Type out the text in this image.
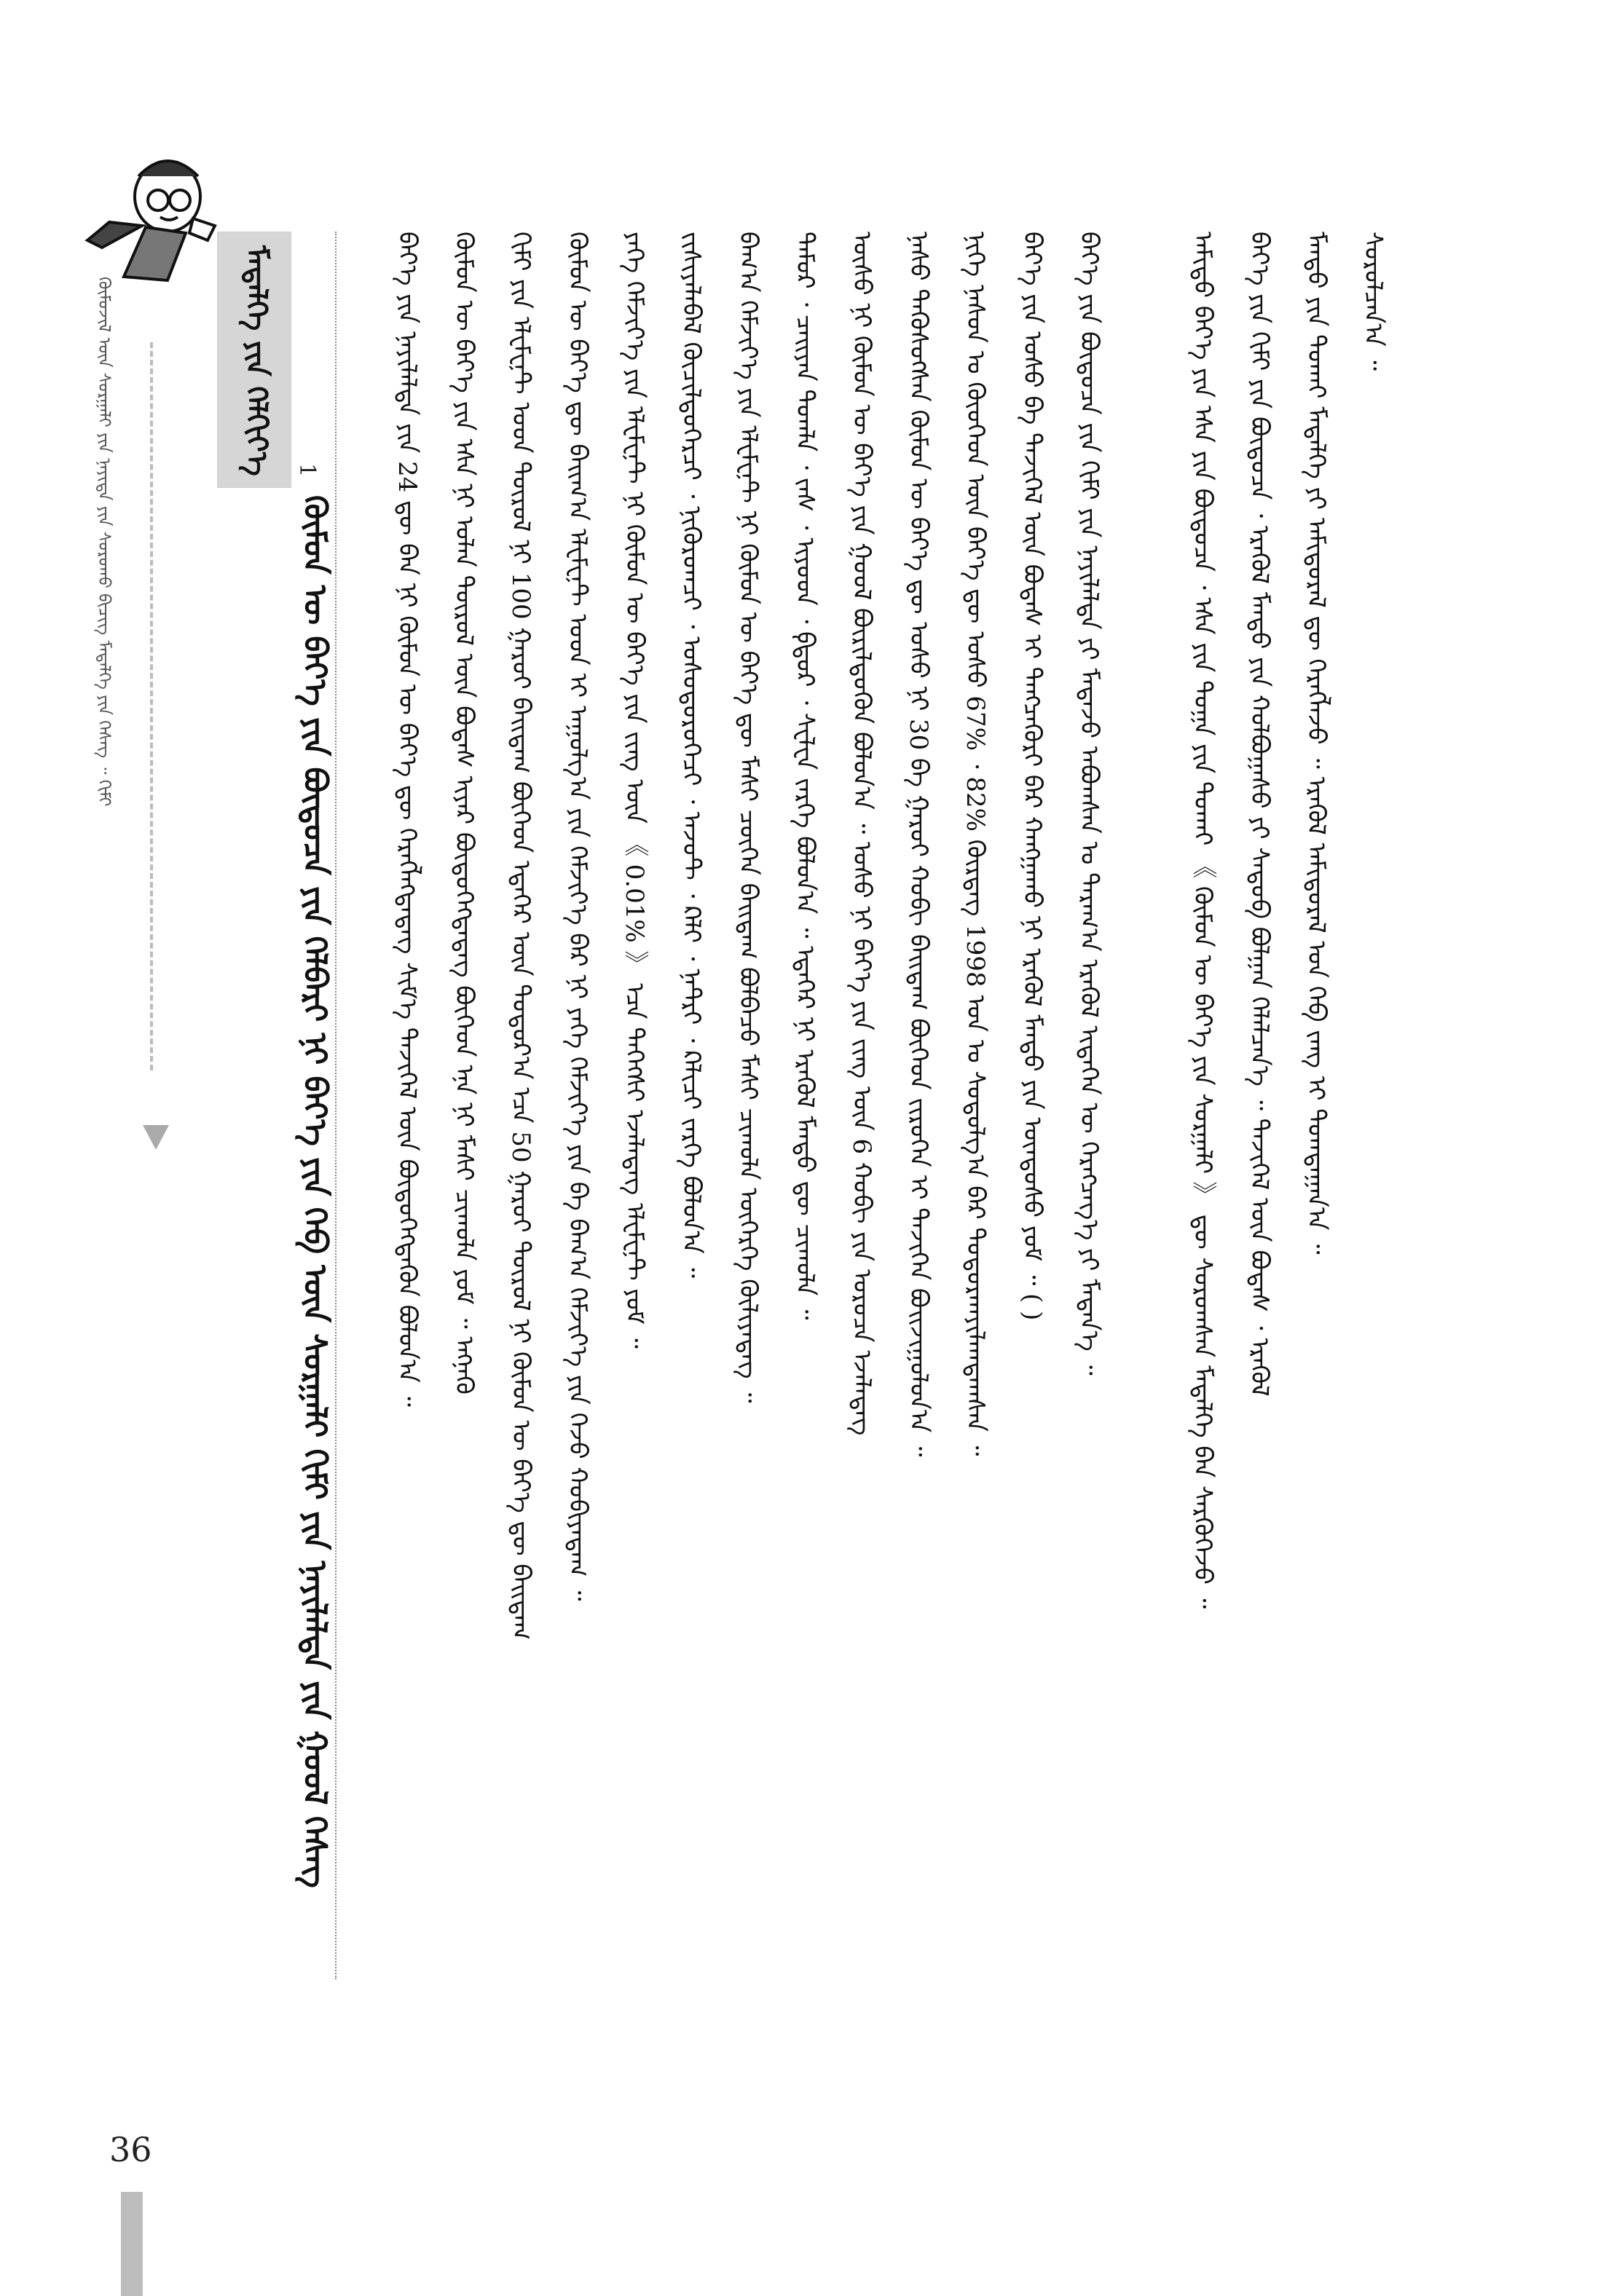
ᠬᠥᠮᠦᠵᠢᠯ ᠦᠨ ᠰᠤᠷᠭᠠᠯᠢ ᠶᠢᠨ ᠨᠡᠶᠢᠲᠡ ᠶᠢᠨ ᠰᠤᠷᠤᠬᠤ ᠪᠢᠴᠢᠭ ᠮᠡᠳᠡᠯᠭᠡ ᠶᠢᠨ ᠬᠡᠰᠡᠭ ᠃ ᠬᠢᠮᠢ	ᠮᠡᠳᠡᠯᠭᠡ ᠶᠢᠨ ᠬᠡᠯᠬᠢᠶ᠎ᠡ 1
ᠬᠦᠮᠦᠨ ᠦ ᠪᠡᠶ᠎ᠡ ᠶᠢᠨ ᠪᠦᠲᠦᠴᠡ ᠶᠢᠨ ᠬᠡᠯᠪᠡᠷᠢ ᠨᠢ ᠪᠡᠶ᠎ᠡ ᠶᠢᠨ ᠬᠡᠪ ᠦᠨ ᠰᠤᠷᠭᠠᠯᠢ ᠬᠢᠮᠢ ᠶᠢᠨ ᠨᠡᠶᠢᠯᠡᠯᠲᠡ ᠶᠢᠨ ᠭᠣᠣᠯ ᠬᠡᠰᠡᠭ	ᠪᠡᠶ᠎ᠡ ᠶᠢᠨ ᠨᠡᠶᠢᠯᠡᠯᠲᠡ ᠶᠢᠨ 24 ᠳᠦ ᠪᠠᠨ ᠨᠢ ᠬᠦᠮᠦᠨ ᠦ ᠪᠡᠶ᠎ᠡ ᠳᠦ ᠬᠡᠷᠡᠭᠯᠡᠭᠳᠡᠳᠡᠭ ᠰᠢᠮ᠎ᠡ ᠲᠡᠵᠢᠭᠡᠯ ᠦᠨ ᠪᠦᠲᠦᠭᠡᠭᠳᠡᠬᠦᠨ ᠪᠣᠯᠤᠨ᠎ᠠ ᠃	ᠬᠦᠮᠦᠨ ᠦ ᠪᠡᠶ᠎ᠡ ᠶᠢᠨ ᠡᠰᠡ ᠨᠢ ᠣᠯᠠᠨ ᠲᠦᠷᠦᠯ ᠦᠨ ᠪᠣᠳᠠᠰ ᠢᠶᠠᠷ ᠪᠦᠲᠦᠭᠡᠭᠳᠡᠳᠡᠭ ᠪᠥᠭᠡᠳ ᠡᠨᠡ ᠨᠢ ᠮᠠᠰᠢ ᠴᠢᠬᠤᠯᠠ ᠶᠤᠮ ᠃ ᠡᠩᠨᠡᠬᠦ	ᠬᠢᠮᠢ ᠶᠢᠨ ᠡᠯᠸᠮᠸᠨ᠋ᠲ ᠤᠳ ᠲᠥᠷᠥᠯ ᠨᠢ 100 ᠭᠠᠷᠤᠢ ᠪᠠᠢᠳᠠᠭ ᠪᠥᠭᠡᠳ ᠡᠳᠡᠭᠡᠷ ᠦᠨ ᠳᠣᠲᠣᠷ᠎ᠠ ᠡᠴᠡ 50 ᠭᠠᠷᠤᠢ ᠲᠥᠷᠥᠯ ᠨᠢ ᠬᠦᠮᠦᠨ ᠦ ᠪᠡᠶ᠎ᠡ ᠳᠦ ᠪᠠᠢᠳᠠᠭ	ᠬᠦᠮᠦᠨ ᠦ ᠪᠡᠶ᠎ᠡ ᠳᠦ ᠪᠠᠢᠭ᠎ᠠ ᠡᠯᠸᠮᠸᠨ᠋ᠲ ᠤᠳ ᠢ ᠠᠭᠤᠯᠭ᠎ᠠ ᠶᠢᠨ ᠬᠡᠮᠵᠢᠶ᠎ᠡ ᠪᠡᠷ ᠨᠢ ᠶᠡᠬᠡ ᠬᠡᠮᠵᠢᠶ᠎ᠡ ᠶᠢᠨ ᠪᠠ ᠪᠠᠭ᠎ᠠ ᠬᠡᠮᠵᠢᠶ᠎ᠡ ᠶᠢᠨ ᠭᠡᠵᠦ ᠬᠤᠪᠢᠶᠠᠳᠠᠭ ᠃	ᠶᠡᠬᠡ ᠬᠡᠮᠵᠢᠶ᠎ᠡ ᠶᠢᠨ ᠡᠯᠸᠮᠸᠨ᠋ᠲ ᠨᠢ ᠬᠦᠮᠦᠨ ᠦ ᠪᠡᠶ᠎ᠡ ᠶᠢᠨ ᠵᠢᠩ ᠦᠨ 《 0.01% 》 ᠡᠴᠡ ᠳᠡᠭᠡᠭᠰᠢ ᠡᠵᠡᠯᠡᠳᠡᠭ ᠡᠯᠸᠮᠸᠨ᠋ᠲ ᠶᠤᠮ ᠃	ᠵᠢᠱᠢᠶᠡᠯᠡᠪᠡᠯ ᠬᠦᠴᠢᠯᠲᠦᠭᠡᠷᠴᠢ ᠂ ᠨᠢᠭᠦᠷᠤᠭᠴᠢ ᠂ ᠤᠰᠤᠲᠦᠷᠦᠭᠡᠴᠢ ᠂ ᠠᠵᠤᠲ ᠂ ᠺᠠᠯᠢ ᠂ ᠨᠠᠲᠷᠢ ᠂ ᠺᠠᠯᠢᠴᠢ ᠵᠡᠷᠭᠡ ᠪᠣᠯᠤᠨ᠎ᠠ ᠃	ᠪᠠᠭ᠎ᠠ ᠬᠡᠮᠵᠢᠶ᠎ᠡ ᠶᠢᠨ ᠡᠯᠸᠮᠸᠨ᠋ᠲ ᠨᠢ ᠬᠦᠮᠦᠨ ᠦ ᠪᠡᠶ᠎ᠡ ᠳᠦ ᠮᠠᠰᠢ ᠴᠥᠭᠡᠨ ᠪᠠᠢᠳᠠᠭ ᠪᠣᠯᠪᠠᠴᠦ ᠮᠠᠰᠢ ᠴᠢᠬᠤᠯᠠ ᠦᠭᠡᠷᠭᠡ ᠬᠦᠯᠢᠶᠡᠳᠡᠭ ᠃	ᠲᠡᠮᠦᠷ ᠂ ᠴᠠᠢᠶᠠᠨ ᠲᠤᠭᠯᠠ ᠂ ᠵᠡᠰ ᠂ ᠢᠶᠣᠳ ᠂ ᠹᠲᠣᠷ ᠂ ᠰᠸᠯᠸᠨ ᠵᠡᠷᠭᠡ ᠪᠣᠯᠤᠨ᠎ᠠ ᠃ ᠡᠳᠡᠭᠡᠷ ᠨᠢ ᠡᠷᠡᠭᠦᠯ ᠮᠡᠨᠳᠦ ᠳᠦ ᠴᠢᠬᠤᠯᠠ ᠃	ᠦᠰᠦ ᠨᠢ ᠬᠦᠮᠦᠨ ᠦ ᠪᠡᠶ᠎ᠡ ᠶᠢᠨ ᠭᠣᠣᠯ ᠪᠦᠷᠢᠯᠳᠦᠬᠦᠨ ᠪᠣᠯᠤᠨ᠎ᠠ ᠃ ᠤᠰᠤ ᠨᠢ ᠪᠡᠶ᠎ᠡ ᠶᠢᠨ ᠵᠢᠩ ᠦᠨ 6 ᠬᠤᠪᠢ ᠶᠢᠨ ᠤᠷᠤᠴᠠ ᠡᠵᠡᠯᠡᠳᠡᠭ	ᠨᠠᠰᠤ ᠲᠡᠭᠦᠰᠦᠭᠰᠡᠨ ᠬᠦᠮᠦᠨ ᠦ ᠪᠡᠶ᠎ᠡ ᠳᠦ ᠤᠰᠤ ᠨᠢ 30 ᠪᠠ ᠭᠠᠷᠤᠢ ᠬᠤᠪᠢ ᠪᠠᠢᠳᠠᠭ ᠪᠥᠭᠡᠳ ᠵᠢᠷᠤᠬᠡᠨ ᠢ ᠲᠡᠵᠢᠭᠡᠨ ᠪᠣᠢᠵᠢᠭᠤᠯᠤᠨ᠎ᠠ ᠃	ᠨᠢᠭᠡ ᠨᠠᠰᠤᠨ ᠤ ᠬᠦᠦᠬᠡᠳ ᠦᠨ ᠪᠡᠶ᠎ᠡ ᠳᠦ ᠤᠰᠤ 67% ᠂ 82% ᠬᠦᠷᠳᠡᠭ 1998 ᠣᠨ ᠤ ᠰᠤᠳᠤᠯᠭ᠎ᠠ ᠪᠡᠷ ᠲᠣᠳᠤᠷᠬᠠᠶᠢᠯᠠᠭᠳᠠᠭᠰᠠᠨ ᠃	ᠪᠡᠶ᠎ᠡ ᠶᠢᠨ ᠤᠰᠤ ᠪᠠ ᠲᠡᠵᠢᠭᠡᠯ ᠦᠨ ᠪᠣᠳᠠᠰ ᠢ ᠲᠡᠩᠴᠡᠭᠦᠷᠢ ᠪᠡᠷ ᠬᠠᠩᠭᠠᠬᠤ ᠨᠢ ᠡᠷᠡᠭᠦᠯ ᠮᠡᠨᠳᠦ ᠶᠢᠨ ᠦᠨᠳᠦᠰᠦ ᠶᠤᠮ ᠃ ( )	ᠪᠡᠶ᠎ᠡ ᠶᠢᠨ ᠪᠦᠲᠦᠴᠡ ᠶᠢᠨ ᠬᠢᠮᠢ ᠶᠢᠨ ᠨᠡᠶᠢᠯᠡᠯᠲᠡ ᠶᠢ ᠮᠡᠳᠡᠵᠦ ᠠᠪᠤᠭᠰᠠᠨ ᠤ ᠳᠠᠷᠠᠭ᠎ᠠ ᠡᠷᠡᠭᠦᠯ ᠢᠳᠡᠭᠡᠨ ᠦ ᠬᠡᠷᠡᠭᠴᠡᠭ᠎ᠡ ᠶᠢ ᠮᠡᠳᠡᠨ᠎ᠡ ᠃	ᠠᠮᠢᠳᠤ ᠪᠡᠶ᠎ᠡ ᠶᠢᠨ ᠡᠰᠡ ᠶᠢᠨ ᠪᠦᠲᠦᠴᠡ ᠂ ᠡᠰᠡ ᠶᠢᠨ ᠲᠣᠭᠠ ᠶᠢᠨ ᠲᠤᠬᠠᠢ 《 ᠬᠦᠮᠦᠨ ᠦ ᠪᠡᠶ᠎ᠡ ᠶᠢᠨ ᠰᠤᠷᠭᠠᠯᠢ 》 ᠳᠦ ᠰᠤᠷᠤᠭᠰᠠᠨ ᠮᠡᠳᠡᠯᠭᠡ ᠪᠡᠨ ᠰᠡᠷᠭᠦᠭᠡᠵᠦ ᠃	ᠪᠡᠶ᠎ᠡ ᠶᠢᠨ ᠬᠢᠮᠢ ᠶᠢᠨ ᠪᠦᠲᠦᠴᠡ ᠂ ᠡᠷᠡᠭᠦᠯ ᠮᠡᠨᠳᠦ ᠶᠢᠨ ᠬᠣᠯᠪᠣᠭᠠᠰᠤ ᠶᠢ ᠰᠡᠳᠦᠪ ᠪᠣᠯᠭᠠᠨ ᠬᠡᠯᠡᠯᠴᠡᠨ᠎ᠡ ᠃ ᠲᠡᠵᠢᠭᠡᠯ ᠦᠨ ᠪᠣᠳᠠᠰ ᠂ ᠡᠷᠡᠭᠦᠯ	ᠮᠡᠨᠳᠦ ᠶᠢᠨ ᠲᠤᠬᠠᠢ ᠮᠡᠳᠡᠯᠭᠡ ᠶᠢ ᠠᠮᠢᠳᠤᠷᠠᠯ ᠳᠦ ᠬᠡᠷᠡᠭᠯᠡᠵᠦ ᠃ ᠡᠷᠡᠭᠦᠯ ᠠᠮᠢᠳᠤᠷᠠᠯ ᠤᠨ ᠬᠡᠪ ᠵᠠᠩ ᠢ ᠲᠣᠭᠲᠠᠭᠠᠨ᠎ᠠ ᠃	ᠰᠤᠷᠤᠯᠴᠠᠨ᠎ᠠ ᠃
36
